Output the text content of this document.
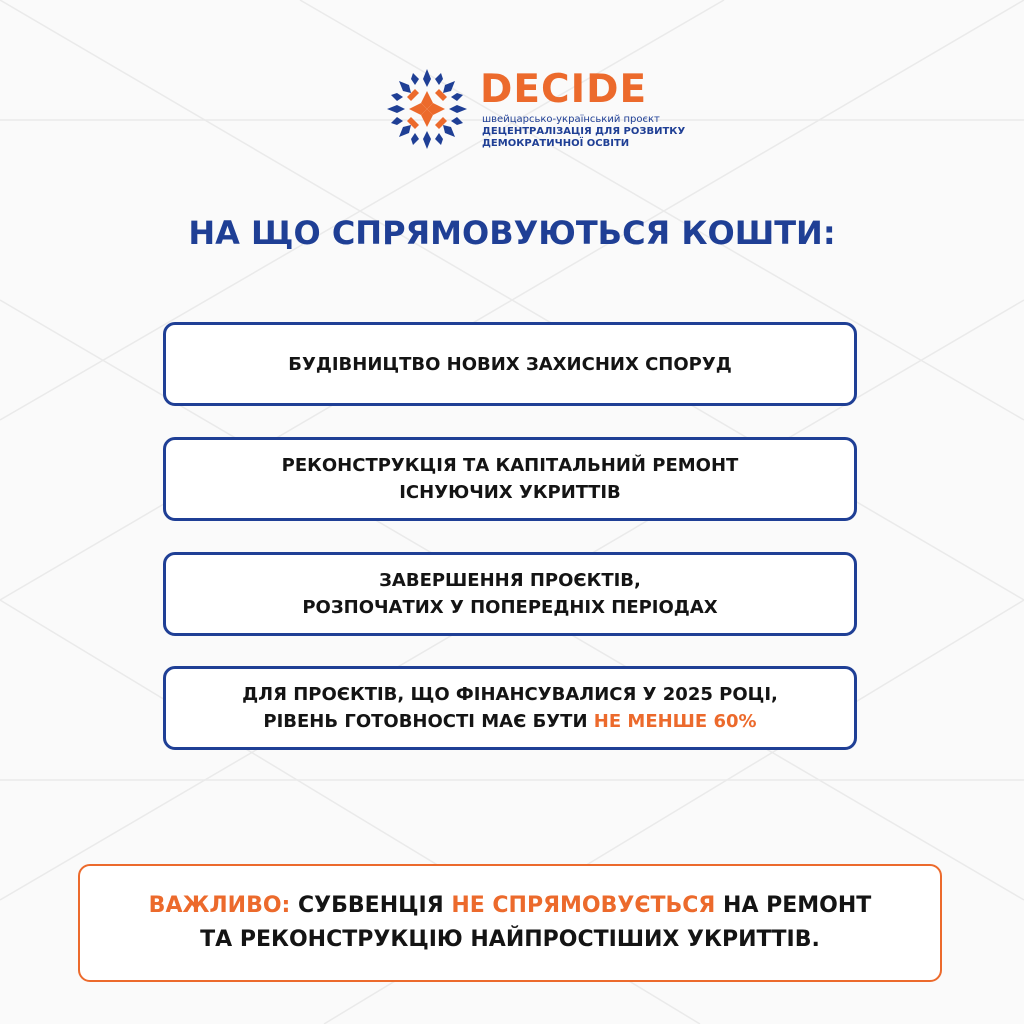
DECIDE
швейцарсько-український проєкт
ДЕЦЕНТРАЛІЗАЦІЯ ДЛЯ РОЗВИТКУ
ДЕМОКРАТИЧНОЇ ОСВІТИ
НА ЩО СПРЯМОВУЮТЬСЯ КОШТИ:
БУДІВНИЦТВО НОВИХ ЗАХИСНИХ СПОРУД
РЕКОНСТРУКЦІЯ ТА КАПІТАЛЬНИЙ РЕМОНТ
ІСНУЮЧИХ УКРИТТІВ
ЗАВЕРШЕННЯ ПРОЄКТІВ,
РОЗПОЧАТИХ У ПОПЕРЕДНІХ ПЕРІОДАХ
ДЛЯ ПРОЄКТІВ, ЩО ФІНАНСУВАЛИСЯ У 2025 РОЦІ,
РІВЕНЬ ГОТОВНОСТІ МАЄ БУТИ НЕ МЕНШЕ 60%
ВАЖЛИВО: СУБВЕНЦІЯ НЕ СПРЯМОВУЄТЬСЯ НА РЕМОНТ
ТА РЕКОНСТРУКЦІЮ НАЙПРОСТІШИХ УКРИТТІВ.
